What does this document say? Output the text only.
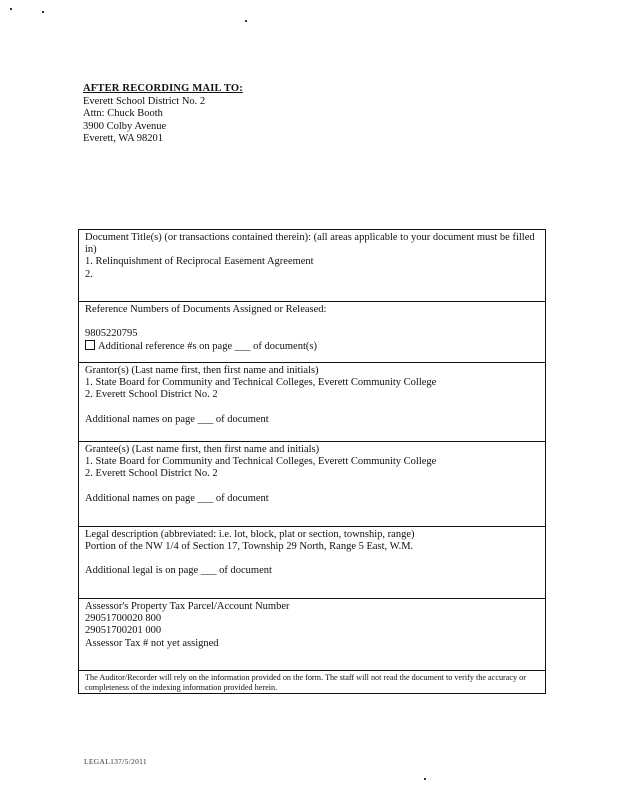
AFTER RECORDING MAIL TO:
Everett School District No. 2
Attn: Chuck Booth
3900 Colby Avenue
Everett, WA 98201
Document Title(s) (or transactions contained therein): (all areas applicable to your document must be filled in)
1. Relinquishment of Reciprocal Easement Agreement
2.
Reference Numbers of Documents Assigned or Released:
9805220795
Additional reference #s on page ___ of document(s)
Grantor(s) (Last name first, then first name and initials)
1. State Board for Community and Technical Colleges, Everett Community College
2. Everett School District No. 2
Additional names on page ___ of document
Grantee(s) (Last name first, then first name and initials)
1. State Board for Community and Technical Colleges, Everett Community College
2. Everett School District No. 2
Additional names on page ___ of document
Legal description (abbreviated: i.e. lot, block, plat or section, township, range)
Portion of the NW 1/4 of Section 17, Township 29 North, Range 5 East, W.M.
Additional legal is on page ___ of document
Assessor's Property Tax Parcel/Account Number
29051700020 800
29051700201 000
Assessor Tax # not yet assigned
The Auditor/Recorder will rely on the information provided on the form. The staff will not read the document to verify the accuracy or completeness of the indexing information provided herein.
LEGAL137/5/2011
